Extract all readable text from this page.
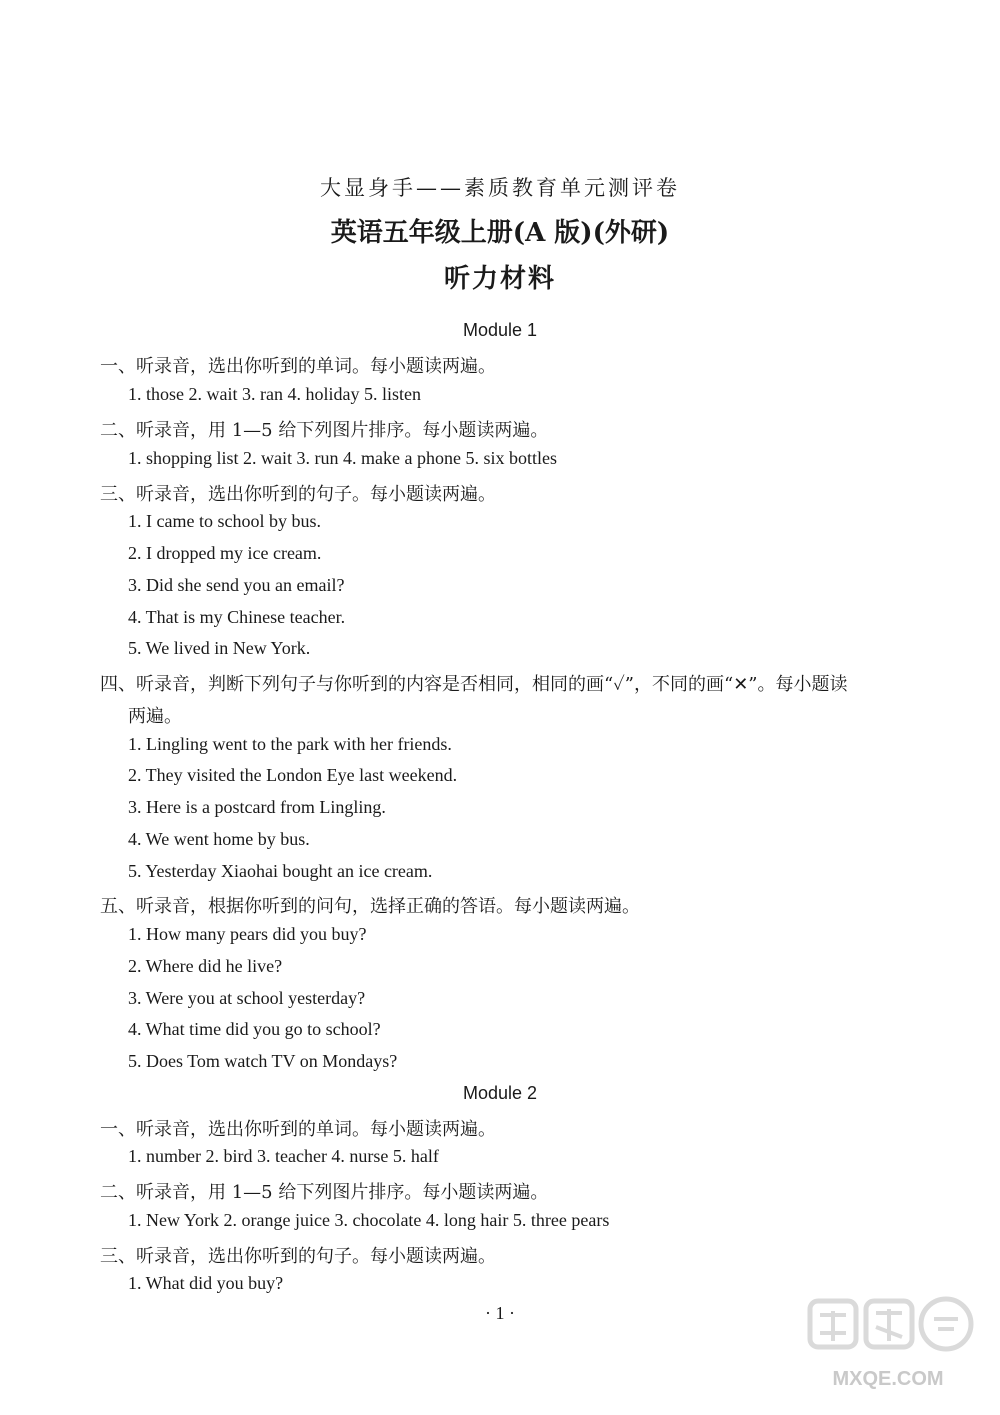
大显身手——素质教育单元测评卷
英语五年级上册(A 版)(外研)
听力材料
Module 1
一、听录音，选出你听到的单词。每小题读两遍。
1. those 2. wait 3. ran 4. holiday 5. listen
二、听录音，用 1—5 给下列图片排序。每小题读两遍。
1. shopping list 2. wait 3. run 4. make a phone 5. six bottles
三、听录音，选出你听到的句子。每小题读两遍。
1. I came to school by bus.
2. I dropped my ice cream.
3. Did she send you an email?
4. That is my Chinese teacher.
5. We lived in New York.
四、听录音，判断下列句子与你听到的内容是否相同，相同的画“✓”，不同的画“✕”。每小题读
两遍。
1. Lingling went to the park with her friends.
2. They visited the London Eye last weekend.
3. Here is a postcard from Lingling.
4. We went home by bus.
5. Yesterday Xiaohai bought an ice cream.
五、听录音，根据你听到的问句，选择正确的答语。每小题读两遍。
1. How many pears did you buy?
2. Where did he live?
3. Were you at school yesterday?
4. What time did you go to school?
5. Does Tom watch TV on Mondays?
Module 2
一、听录音，选出你听到的单词。每小题读两遍。
1. number 2. bird 3. teacher 4. nurse 5. half
二、听录音，用 1—5 给下列图片排序。每小题读两遍。
1. New York 2. orange juice 3. chocolate 4. long hair 5. three pears
三、听录音，选出你听到的句子。每小题读两遍。
1. What did you buy?
· 1 ·
MXQE.COM
